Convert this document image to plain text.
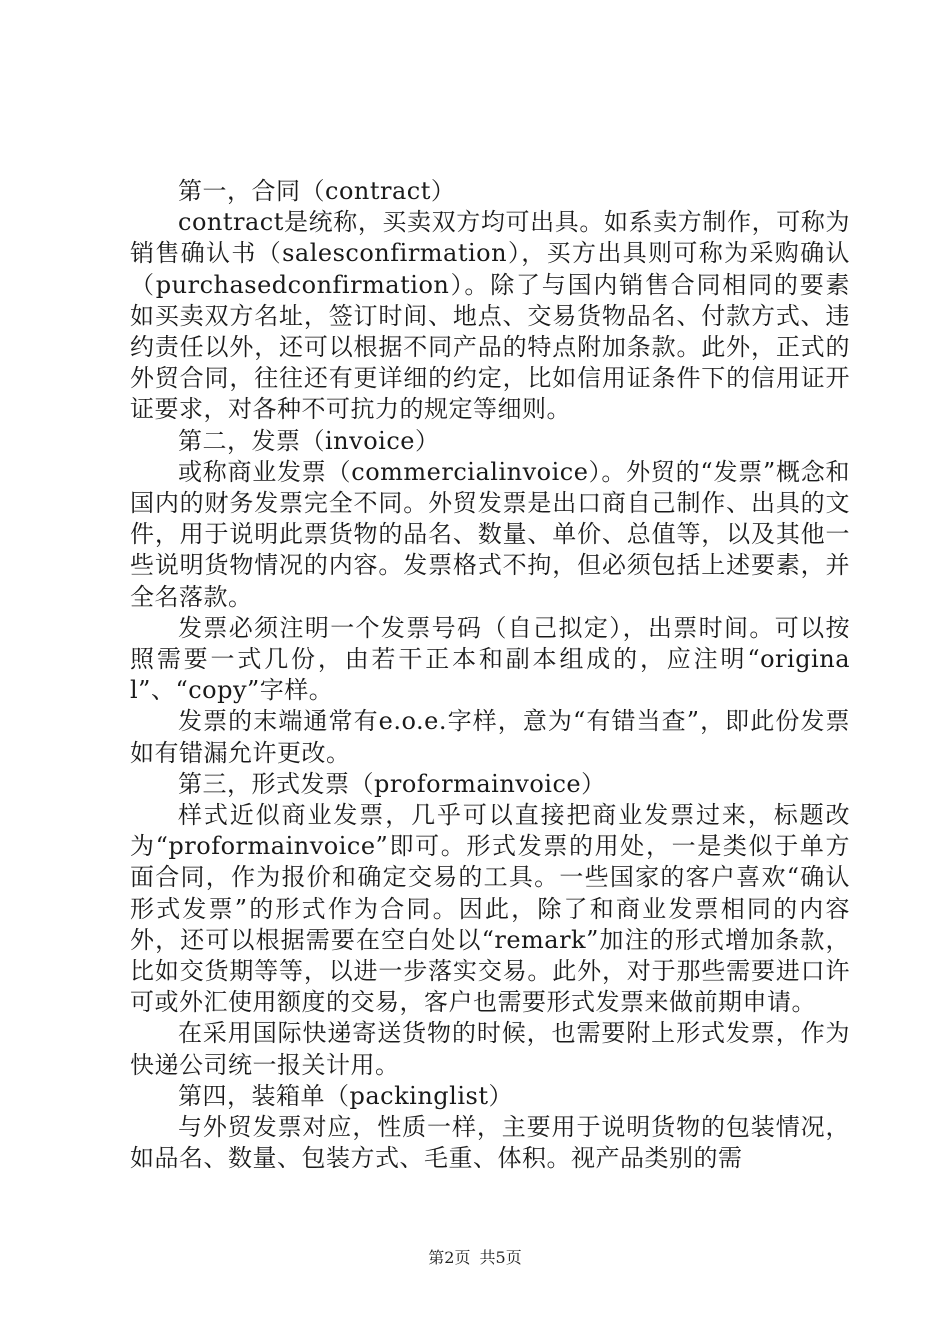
第一，合同（contract）

contract是统称，买卖双方均可出具。如系卖方制作，可称为销售确认书（salesconfirmation），买方出具则可称为采购确认（purchasedconfirmation）。除了与国内销售合同相同的要素如买卖双方名址，签订时间、地点、交易货物品名、付款方式、违约责任以外，还可以根据不同产品的特点附加条款。此外，正式的外贸合同，往往还有更详细的约定，比如信用证条件下的信用证开证要求，对各种不可抗力的规定等细则。

第二，发票（invoice）

或称商业发票（commercialinvoice）。外贸的“发票”概念和国内的财务发票完全不同。外贸发票是出口商自己制作、出具的文件，用于说明此票货物的品名、数量、单价、总值等，以及其他一些说明货物情况的内容。发票格式不拘，但必须包括上述要素，并全名落款。

发票必须注明一个发票号码（自己拟定），出票时间。可以按照需要一式几份，由若干正本和副本组成的，应注明“original”、“copy”字样。

发票的末端通常有e.o.e.字样，意为“有错当查”，即此份发票如有错漏允许更改。

第三，形式发票（proformainvoice）

样式近似商业发票，几乎可以直接把商业发票过来，标题改为“proformainvoice”即可。形式发票的用处，一是类似于单方面合同，作为报价和确定交易的工具。一些国家的客户喜欢“确认形式发票”的形式作为合同。因此，除了和商业发票相同的内容外，还可以根据需要在空白处以“remark”加注的形式增加条款，比如交货期等等，以进一步落实交易。此外，对于那些需要进口许可或外汇使用额度的交易，客户也需要形式发票来做前期申请。

在采用国际快递寄送货物的时候，也需要附上形式发票，作为快递公司统一报关计用。

第四，装箱单（packinglist）

与外贸发票对应，性质一样，主要用于说明货物的包装情况，如品名、数量、包装方式、毛重、体积。视产品类别的需

第2页 共5页
